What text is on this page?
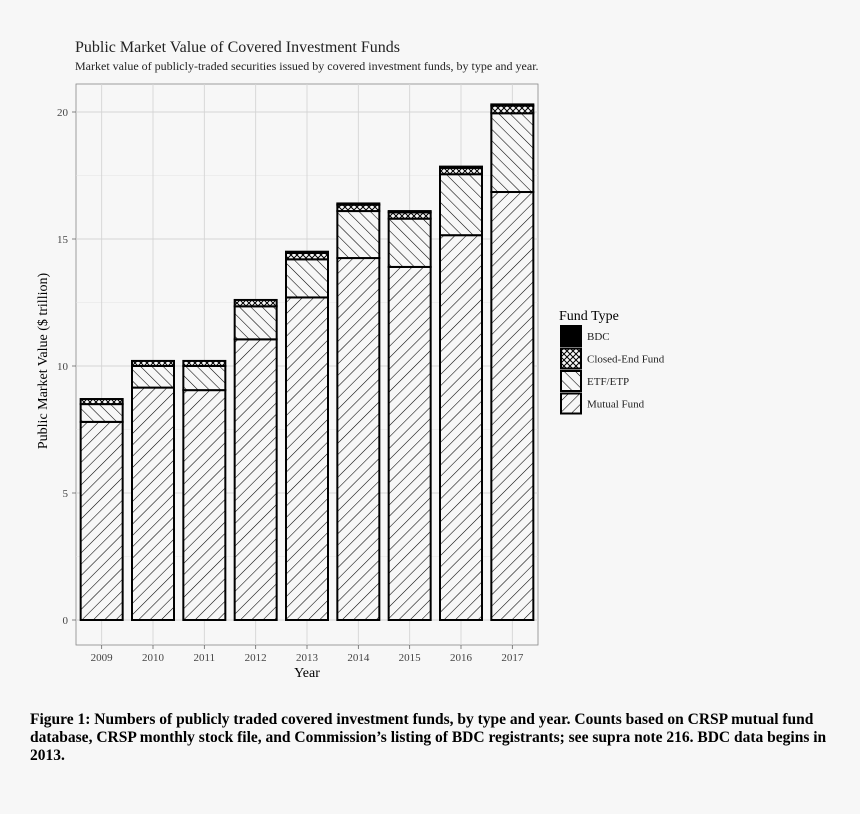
Public Market Value of Covered Investment Funds
Market value of publicly-traded securities issued by covered investment funds, by type and year.
0
5
10
15
20
2009	2010	2011	2012	2013	2014	2015	2016	2017
Year
Public Market Value ($ trillion)	Fund Type
BDC
Closed-End Fund
ETF/ETP
Mutual Fund
Figure 1: Numbers of publicly traded covered investment funds, by type and year. Counts based on CRSP mutual fund database, CRSP monthly stock file, and Commission’s listing of BDC registrants; see supra note 216. BDC data begins in 2013.
